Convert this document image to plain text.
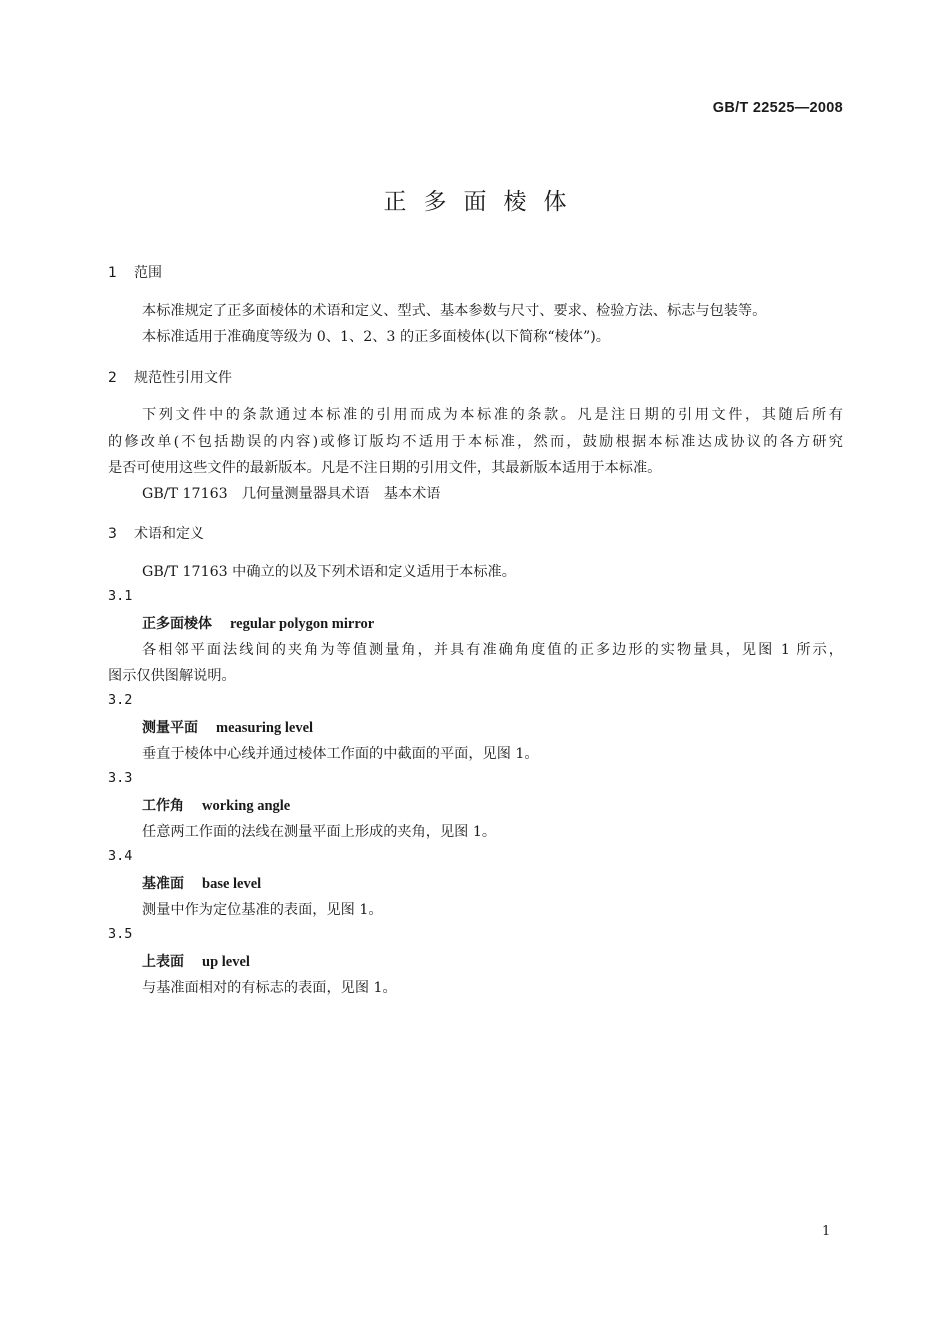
GB/T 22525—2008
正多面棱体
1 范围
本标准规定了正多面棱体的术语和定义、型式、基本参数与尺寸、要求、检验方法、标志与包装等。
本标准适用于准确度等级为 0、1、2、3 的正多面棱体(以下简称“棱体”)。
2 规范性引用文件
下列文件中的条款通过本标准的引用而成为本标准的条款。凡是注日期的引用文件，其随后所有
的修改单(不包括勘误的内容)或修订版均不适用于本标准，然而，鼓励根据本标准达成协议的各方研究
是否可使用这些文件的最新版本。凡是不注日期的引用文件，其最新版本适用于本标准。
GB/T 17163　几何量测量器具术语　基本术语
3 术语和定义
GB/T 17163 中确立的以及下列术语和定义适用于本标准。
3.1
正多面棱体 regular polygon mirror
各相邻平面法线间的夹角为等值测量角，并具有准确角度值的正多边形的实物量具，见图 1 所示，
图示仅供图解说明。
3.2
测量平面 measuring level
垂直于棱体中心线并通过棱体工作面的中截面的平面，见图 1。
3.3
工作角 working angle
任意两工作面的法线在测量平面上形成的夹角，见图 1。
3.4
基准面 base level
测量中作为定位基准的表面，见图 1。
3.5
上表面 up level
与基准面相对的有标志的表面，见图 1。
1
